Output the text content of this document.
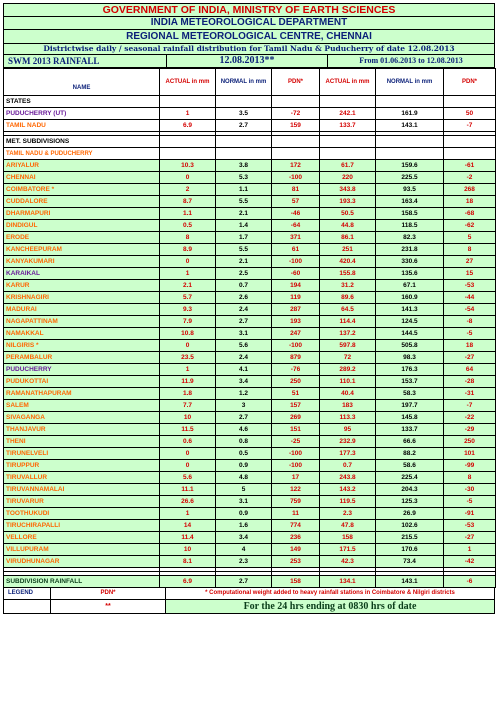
GOVERNMENT OF INDIA, MINISTRY OF EARTH SCIENCES
INDIA METEOROLOGICAL DEPARTMENT
REGIONAL METEOROLOGICAL CENTRE, CHENNAI
Districtwise daily / seasonal rainfall distribution for Tamil Nadu & Puducherry of date 12.08.2013
SWM 2013 RAINFALL	12.08.2013**	From 01.06.2013 to 12.08.2013
NAME	ACTUAL in mm	NORMAL in mm	PDN*	ACTUAL in mm	NORMAL in mm	PDN*
STATES						
PUDUCHERRY (UT)	1	3.5	-72	242.1	161.9	50
TAMIL NADU	6.9	2.7	159	133.7	143.1	-7

MET. SUBDIVISIONS						
TAMIL NADU & PUDUCHERRY						
ARIYALUR	10.3	3.8	172	61.7	159.6	-61
CHENNAI	0	5.3	-100	220	225.5	-2
COIMBATORE *	2	1.1	81	343.8	93.5	268
CUDDALORE	8.7	5.5	57	193.3	163.4	18
DHARMAPURI	1.1	2.1	-46	50.5	158.5	-68
DINDIGUL	0.5	1.4	-64	44.8	118.5	-62
ERODE	8	1.7	371	86.1	82.3	5
KANCHEEPURAM	8.9	5.5	61	251	231.8	8
KANYAKUMARI	0	2.1	-100	420.4	330.6	27
KARAIKAL	1	2.5	-60	155.8	135.6	15
KARUR	2.1	0.7	194	31.2	67.1	-53
KRISHNAGIRI	5.7	2.6	119	89.6	160.9	-44
MADURAI	9.3	2.4	287	64.5	141.3	-54
NAGAPATTINAM	7.9	2.7	193	114.4	124.5	-8
NAMAKKAL	10.8	3.1	247	137.2	144.5	-5
NILGIRIS *	0	5.6	-100	597.8	505.8	18
PERAMBALUR	23.5	2.4	879	72	98.3	-27
PUDUCHERRY	1	4.1	-76	289.2	176.3	64
PUDUKOTTAI	11.9	3.4	250	110.1	153.7	-28
RAMANATHAPURAM	1.8	1.2	51	40.4	58.3	-31
SALEM	7.7	3	157	183	197.7	-7
SIVAGANGA	10	2.7	269	113.3	145.8	-22
THANJAVUR	11.5	4.6	151	95	133.7	-29
THENI	0.6	0.8	-25	232.9	66.6	250
TIRUNELVELI	0	0.5	-100	177.3	88.2	101
TIRUPPUR	0	0.9	-100	0.7	58.6	-99
TIRUVALLUR	5.6	4.8	17	243.8	225.4	8
TIRUVANNAMALAI	11.1	5	122	143.2	204.3	-30
TIRUVARUR	26.6	3.1	759	119.5	125.3	-5
TOOTHUKUDI	1	0.9	11	2.3	26.9	-91
TIRUCHIRAPALLI	14	1.6	774	47.8	102.6	-53
VELLORE	11.4	3.4	236	158	215.5	-27
VILLUPURAM	10	4	149	171.5	170.6	1
VIRUDHUNAGAR	8.1	2.3	253	42.3	73.4	-42

SUBDIVISION RAINFALL	6.9	2.7	158	134.1	143.1	-6
LEGEND	PDN*	* Computational weight added to heavy rainfall stations in Coimbatore & Nilgiri districts
**	For the 24 hrs ending at 0830 hrs of date
